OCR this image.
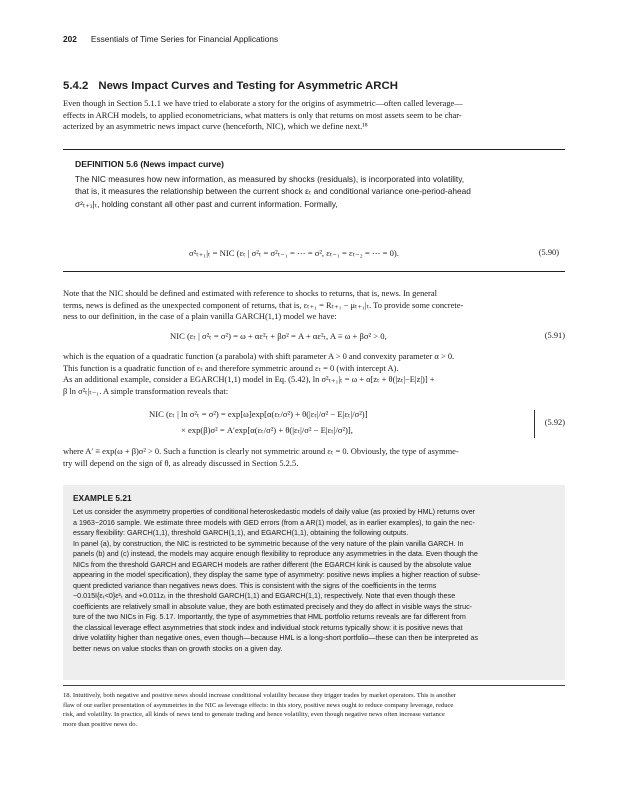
202 Essentials of Time Series for Financial Applications
5.4.2 News Impact Curves and Testing for Asymmetric ARCH
Even though in Section 5.1.1 we have tried to elaborate a story for the origins of asymmetric—often called leverage—
effects in ARCH models, to applied econometricians, what matters is only that returns on most assets seem to be char-
acterized by an asymmetric news impact curve (henceforth, NIC), which we define next.¹⁸
DEFINITION 5.6 (News impact curve)
The NIC measures how new information, as measured by shocks (residuals), is incorporated into volatility,
that is, it measures the relationship between the current shock εₜ and conditional variance one-period-ahead
σ²ₜ₊₁|ₜ, holding constant all other past and current information. Formally,
σ²ₜ₊₁|ₜ = NIC (εₜ | σ²ₜ = σ²ₜ₋₁ = ⋯ = σ², εₜ₋₁ = εₜ₋₂ = ⋯ = 0).	(5.90)
Note that the NIC should be defined and estimated with reference to shocks to returns, that is, news. In general
terms, news is defined as the unexpected component of returns, that is, εₜ₊₁ = Rₜ₊₁ − μₜ₊₁|ₜ. To provide some concrete-
ness to our definition, in the case of a plain vanilla GARCH(1,1) model we have:
NIC (εₜ | σ²ₜ = σ²) = ω + αε²ₜ + βσ² = A + αε²ₜ, A ≡ ω + βσ² > 0,	(5.91)
which is the equation of a quadratic function (a parabola) with shift parameter A > 0 and convexity parameter α > 0.
This function is a quadratic function of εₜ and therefore symmetric around εₜ = 0 (with intercept A).
As an additional example, consider a EGARCH(1,1) model in Eq. (5.42), ln σ²ₜ₊₁|ₜ = ω + α[zₜ + θ(|zₜ|−E|z|)] +
β ln σ²ₜ|ₜ₋₁. A simple transformation reveals that:
NIC (εₜ | ln σ²ₜ = σ²) = exp[ω]exp[α(εₜ/σ²) + θ(|εₜ|/σ² − E|εₜ|/σ²)]
× exp(β)σ² = A′exp[α(εₜ/σ²) + θ(|εₜ|/σ² − E|εₜ|/σ²)],
(5.92)
where A′ ≡ exp(ω + β)σ² > 0. Such a function is clearly not symmetric around εₜ = 0. Obviously, the type of asymme-
try will depend on the sign of θ, as already discussed in Section 5.2.5.
EXAMPLE 5.21
Let us consider the asymmetry properties of conditional heteroskedastic models of daily value (as proxied by HML) returns over
a 1963−2016 sample. We estimate three models with GED errors (from a AR(1) model, as in earlier examples), to gain the nec-
essary flexibility: GARCH(1,1), threshold GARCH(1,1), and EGARCH(1,1), obtaining the following outputs.
In panel (a), by construction, the NIC is restricted to be symmetric because of the very nature of the plain vanilla GARCH. In
panels (b) and (c) instead, the models may acquire enough flexibility to reproduce any asymmetries in the data. Even though the
NICs from the threshold GARCH and EGARCH models are rather different (the EGARCH kink is caused by the absolute value
appearing in the model specification), they display the same type of asymmetry: positive news implies a higher reaction of subse-
quent predicted variance than negatives news does. This is consistent with the signs of the coefficients in the terms
−0.015I{εₜ<0}ε²ₜ and +0.011zₜ in the threshold GARCH(1,1) and EGARCH(1,1), respectively. Note that even though these
coefficients are relatively small in absolute value, they are both estimated precisely and they do affect in visible ways the struc-
ture of the two NICs in Fig. 5.17. Importantly, the type of asymmetries that HML portfolio returns reveals are far different from
the classical leverage effect asymmetries that stock index and individual stock returns typically show: it is positive news that
drive volatility higher than negative ones, even though—because HML is a long-short portfolio—these can then be interpreted as
better news on value stocks than on growth stocks on a given day.
18. Intuitively, both negative and positive news should increase conditional volatility because they trigger trades by market operators. This is another
flaw of our earlier presentation of asymmetries in the NIC as leverage effects: in this story, positive news ought to reduce company leverage, reduce
risk, and volatility. In practice, all kinds of news tend to generate trading and hence volatility, even though negative news often increase variance
more than positive news do.
